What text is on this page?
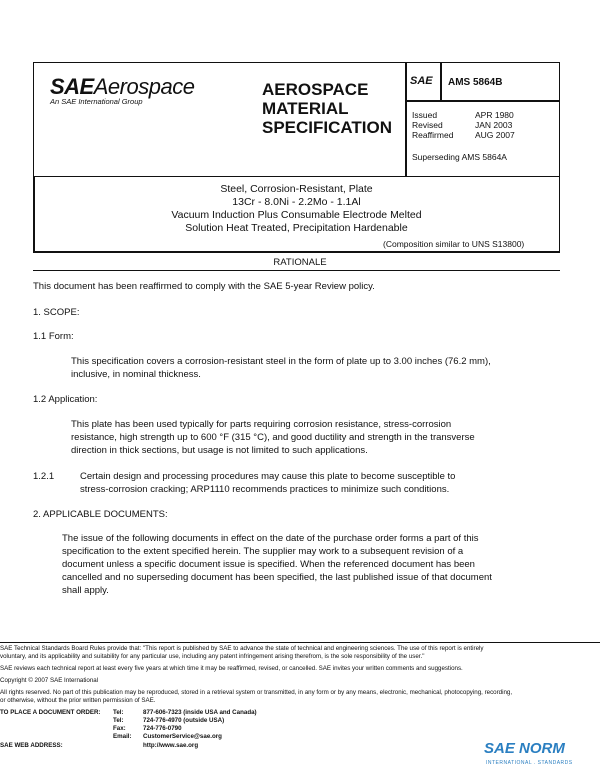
SAEAerospace
An SAE International Group
AEROSPACE
MATERIAL
SPECIFICATION
SAE AMS 5864B
Issued	APR 1980
Revised	JAN 2003
Reaffirmed	AUG 2007
Superseding AMS 5864A
Steel, Corrosion-Resistant, Plate
13Cr - 8.0Ni - 2.2Mo - 1.1Al
Vacuum Induction Plus Consumable Electrode Melted
Solution Heat Treated, Precipitation Hardenable
(Composition similar to UNS S13800)
RATIONALE
This document has been reaffirmed to comply with the SAE 5-year Review policy.
1. SCOPE:
1.1 Form:
This specification covers a corrosion-resistant steel in the form of plate up to 3.00 inches (76.2 mm),
inclusive, in nominal thickness.
1.2 Application:
This plate has been used typically for parts requiring corrosion resistance, stress-corrosion
resistance, high strength up to 600 °F (315 °C), and good ductility and strength in the transverse
direction in thick sections, but usage is not limited to such applications.
1.2.1	Certain design and processing procedures may cause this plate to become susceptible to
stress-corrosion cracking; ARP1110 recommends practices to minimize such conditions.
2. APPLICABLE DOCUMENTS:
The issue of the following documents in effect on the date of the purchase order forms a part of this
specification to the extent specified herein. The supplier may work to a subsequent revision of a
document unless a specific document issue is specified. When the referenced document has been
cancelled and no superseding document has been specified, the last published issue of that document
shall apply.
SAE Technical Standards Board Rules provide that: "This report is published by SAE to advance the state of technical and engineering sciences. The use of this report is entirely
voluntary, and its applicability and suitability for any particular use, including any patent infringement arising therefrom, is the sole responsibility of the user."
SAE reviews each technical report at least every five years at which time it may be reaffirmed, revised, or cancelled. SAE invites your written comments and suggestions.
Copyright © 2007 SAE International
All rights reserved. No part of this publication may be reproduced, stored in a retrieval system or transmitted, in any form or by any means, electronic, mechanical, photocopying, recording,
or otherwise, without the prior written permission of SAE.
TO PLACE A DOCUMENT ORDER: Tel:	877-606-7323 (inside USA and Canada)
Tel:	724-776-4970 (outside USA)
Fax:	724-776-0790
Email: CustomerService@sae.org
SAE WEB ADDRESS:	http://www.sae.org	SAE NORM
INTERNATIONAL . STANDARDS
